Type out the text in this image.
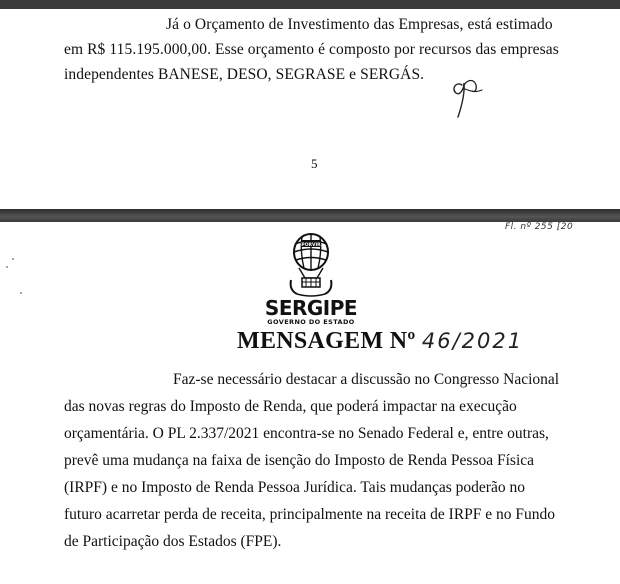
Já o Orçamento de Investimento das Empresas, está estimado
em R$ 115.195.000,00. Esse orçamento é composto por recursos das empresas
independentes BANESE, DESO, SEGRASE e SERGÁS.
5
Fl. nº 255 [20
PORVIR
SERGIPE
GOVERNO DO ESTADO
MENSAGEM Nº 46/2021
Faz-se necessário destacar a discussão no Congresso Nacional
das novas regras do Imposto de Renda, que poderá impactar na execução
orçamentária. O PL 2.337/2021 encontra-se no Senado Federal e, entre outras,
prevê uma mudança na faixa de isenção do Imposto de Renda Pessoa Física
(IRPF) e no Imposto de Renda Pessoa Jurídica. Tais mudanças poderão no
futuro acarretar perda de receita, principalmente na receita de IRPF e no Fundo
de Participação dos Estados (FPE).
